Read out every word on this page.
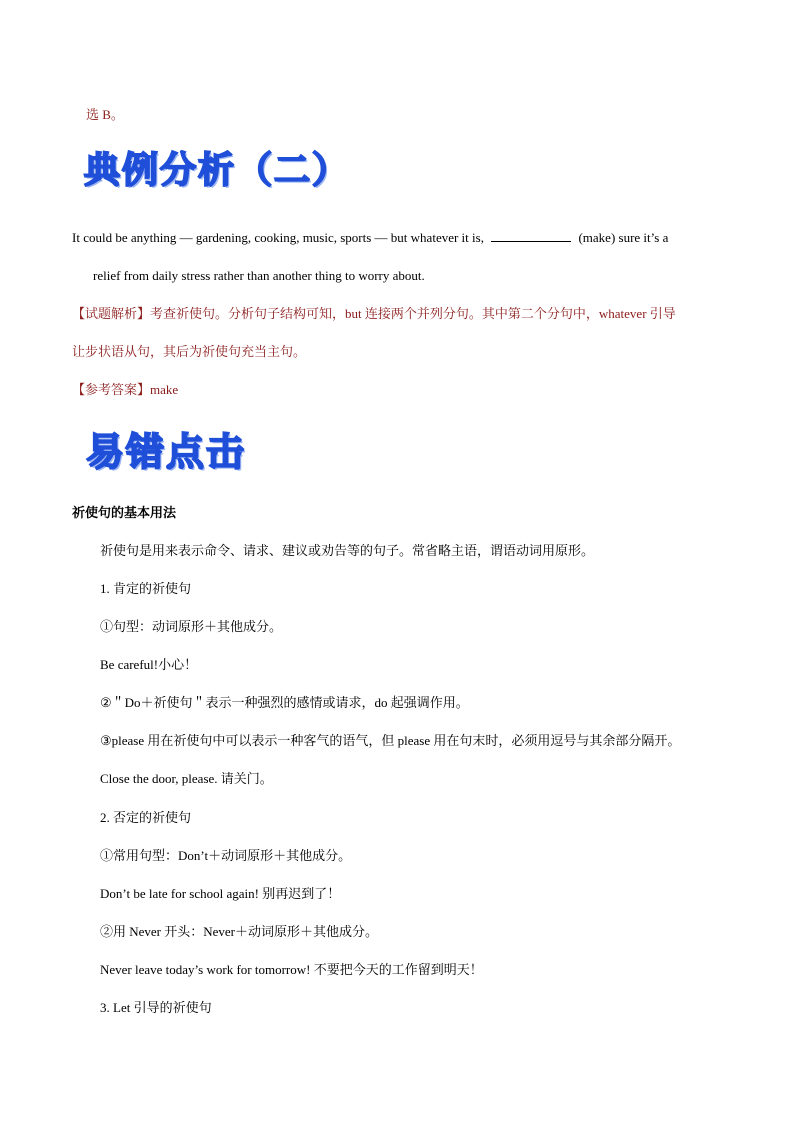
选 B。
典例分析（二）
It could be anything — gardening, cooking, music, sports — but whatever it is,	(make) sure it’s a
relief from daily stress rather than another thing to worry about.
【试题解析】考查祈使句。分析句子结构可知，but 连接两个并列分句。其中第二个分句中，whatever 引导
让步状语从句，其后为祈使句充当主句。
【参考答案】make
易错点击
祈使句的基本用法
祈使句是用来表示命令、请求、建议或劝告等的句子。常省略主语，谓语动词用原形。
1. 肯定的祈使句
①句型：动词原形＋其他成分。
Be careful!小心！
②＂Do＋祈使句＂表示一种强烈的感情或请求，do 起强调作用。
③please 用在祈使句中可以表示一种客气的语气，但 please 用在句末时，必须用逗号与其余部分隔开。
Close the door, please. 请关门。
2. 否定的祈使句
①常用句型：Don’t＋动词原形＋其他成分。
Don’t be late for school again! 别再迟到了！
②用 Never 开头：Never＋动词原形＋其他成分。
Never leave today’s work for tomorrow! 不要把今天的工作留到明天！
3. Let 引导的祈使句
